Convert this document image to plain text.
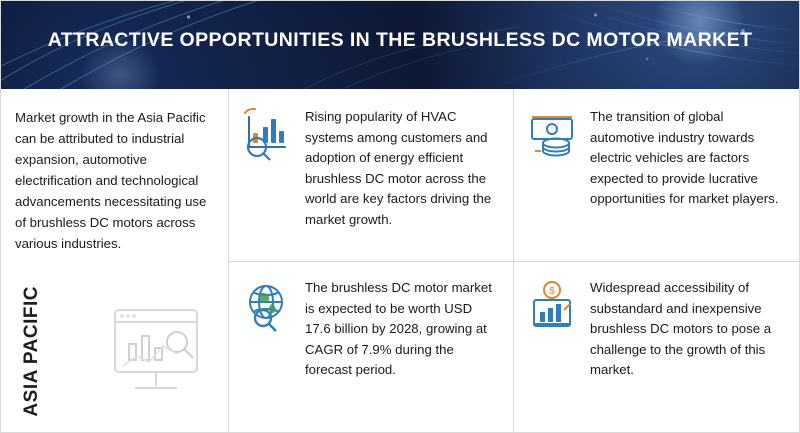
ATTRACTIVE OPPORTUNITIES IN THE BRUSHLESS DC MOTOR MARKET
Market growth in the Asia Pacific can be attributed to industrial expansion, automotive electrification and technological advancements necessitating use of brushless DC motors across various industries.
ASIA PACIFIC
Rising popularity of HVAC systems among customers and adoption of energy efficient brushless DC motor across the world are key factors driving the market growth.
The transition of global automotive industry towards electric vehicles are factors expected to provide lucrative opportunities for market players.
The brushless DC motor market is expected to be worth USD 17.6 billion by 2028, growing at CAGR of 7.9% during the forecast period.
$	Widespread accessibility of substandard and inexpensive brushless DC motors to pose a challenge to the growth of this market.
